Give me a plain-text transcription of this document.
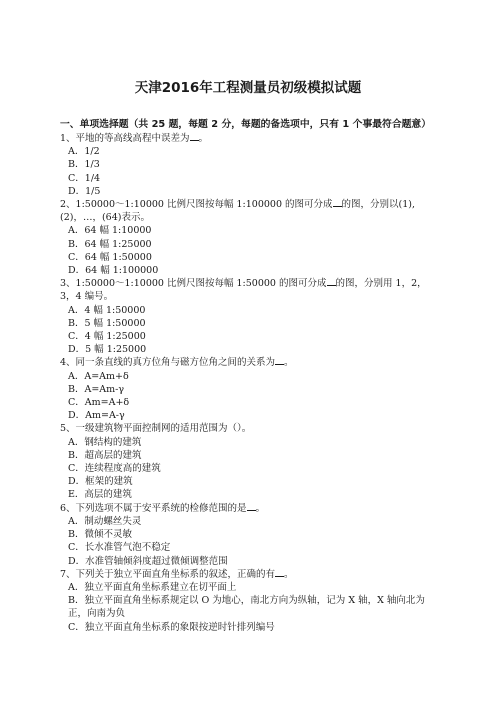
天津2016年工程测量员初级模拟试题
一、单项选择题（共 25 题，每题 2 分，每题的备选项中，只有 1 个事最符合题意）
1、平地的等高线高程中误差为 。
A．1/2
B．1/3
C．1/4
D．1/5
2、1:50000～1:10000 比例尺图按每幅 1:100000 的图可分成 的图，分别以(1),(2)，…，(64)表示。
A．64 幅 1:10000
B．64 幅 1:25000
C．64 幅 1:50000
D．64 幅 1:100000
3、1:50000～1:10000 比例尺图按每幅 1:50000 的图可分成 的图，分别用 1，2，3，4 编号。
A．4 幅 1:50000
B．5 幅 1:50000
C．4 幅 1:25000
D．5 幅 1:25000
4、同一条直线的真方位角与磁方位角之间的关系为 。
A．A=Am+δ
B．A=Am-γ
C．Am=A+δ
D．Am=A-γ
5、一级建筑物平面控制网的适用范围为（）。
A．钢结构的建筑
B．超高层的建筑
C．连续程度高的建筑
D．框架的建筑
E．高层的建筑
6、下列选项不属于安平系统的检修范围的是 。
A．制动螺丝失灵
B．微倾不灵敏
C．长水准管气泡不稳定
D．水准管轴倾斜度超过微倾调整范围
7、下列关于独立平面直角坐标系的叙述，正确的有 。
A．独立平面直角坐标系建立在切平面上
B．独立平面直角坐标系规定以 O 为地心，南北方向为纵轴，记为 X 轴，X 轴向北为正，向南为负
C．独立平面直角坐标系的象限按逆时针排列编号
